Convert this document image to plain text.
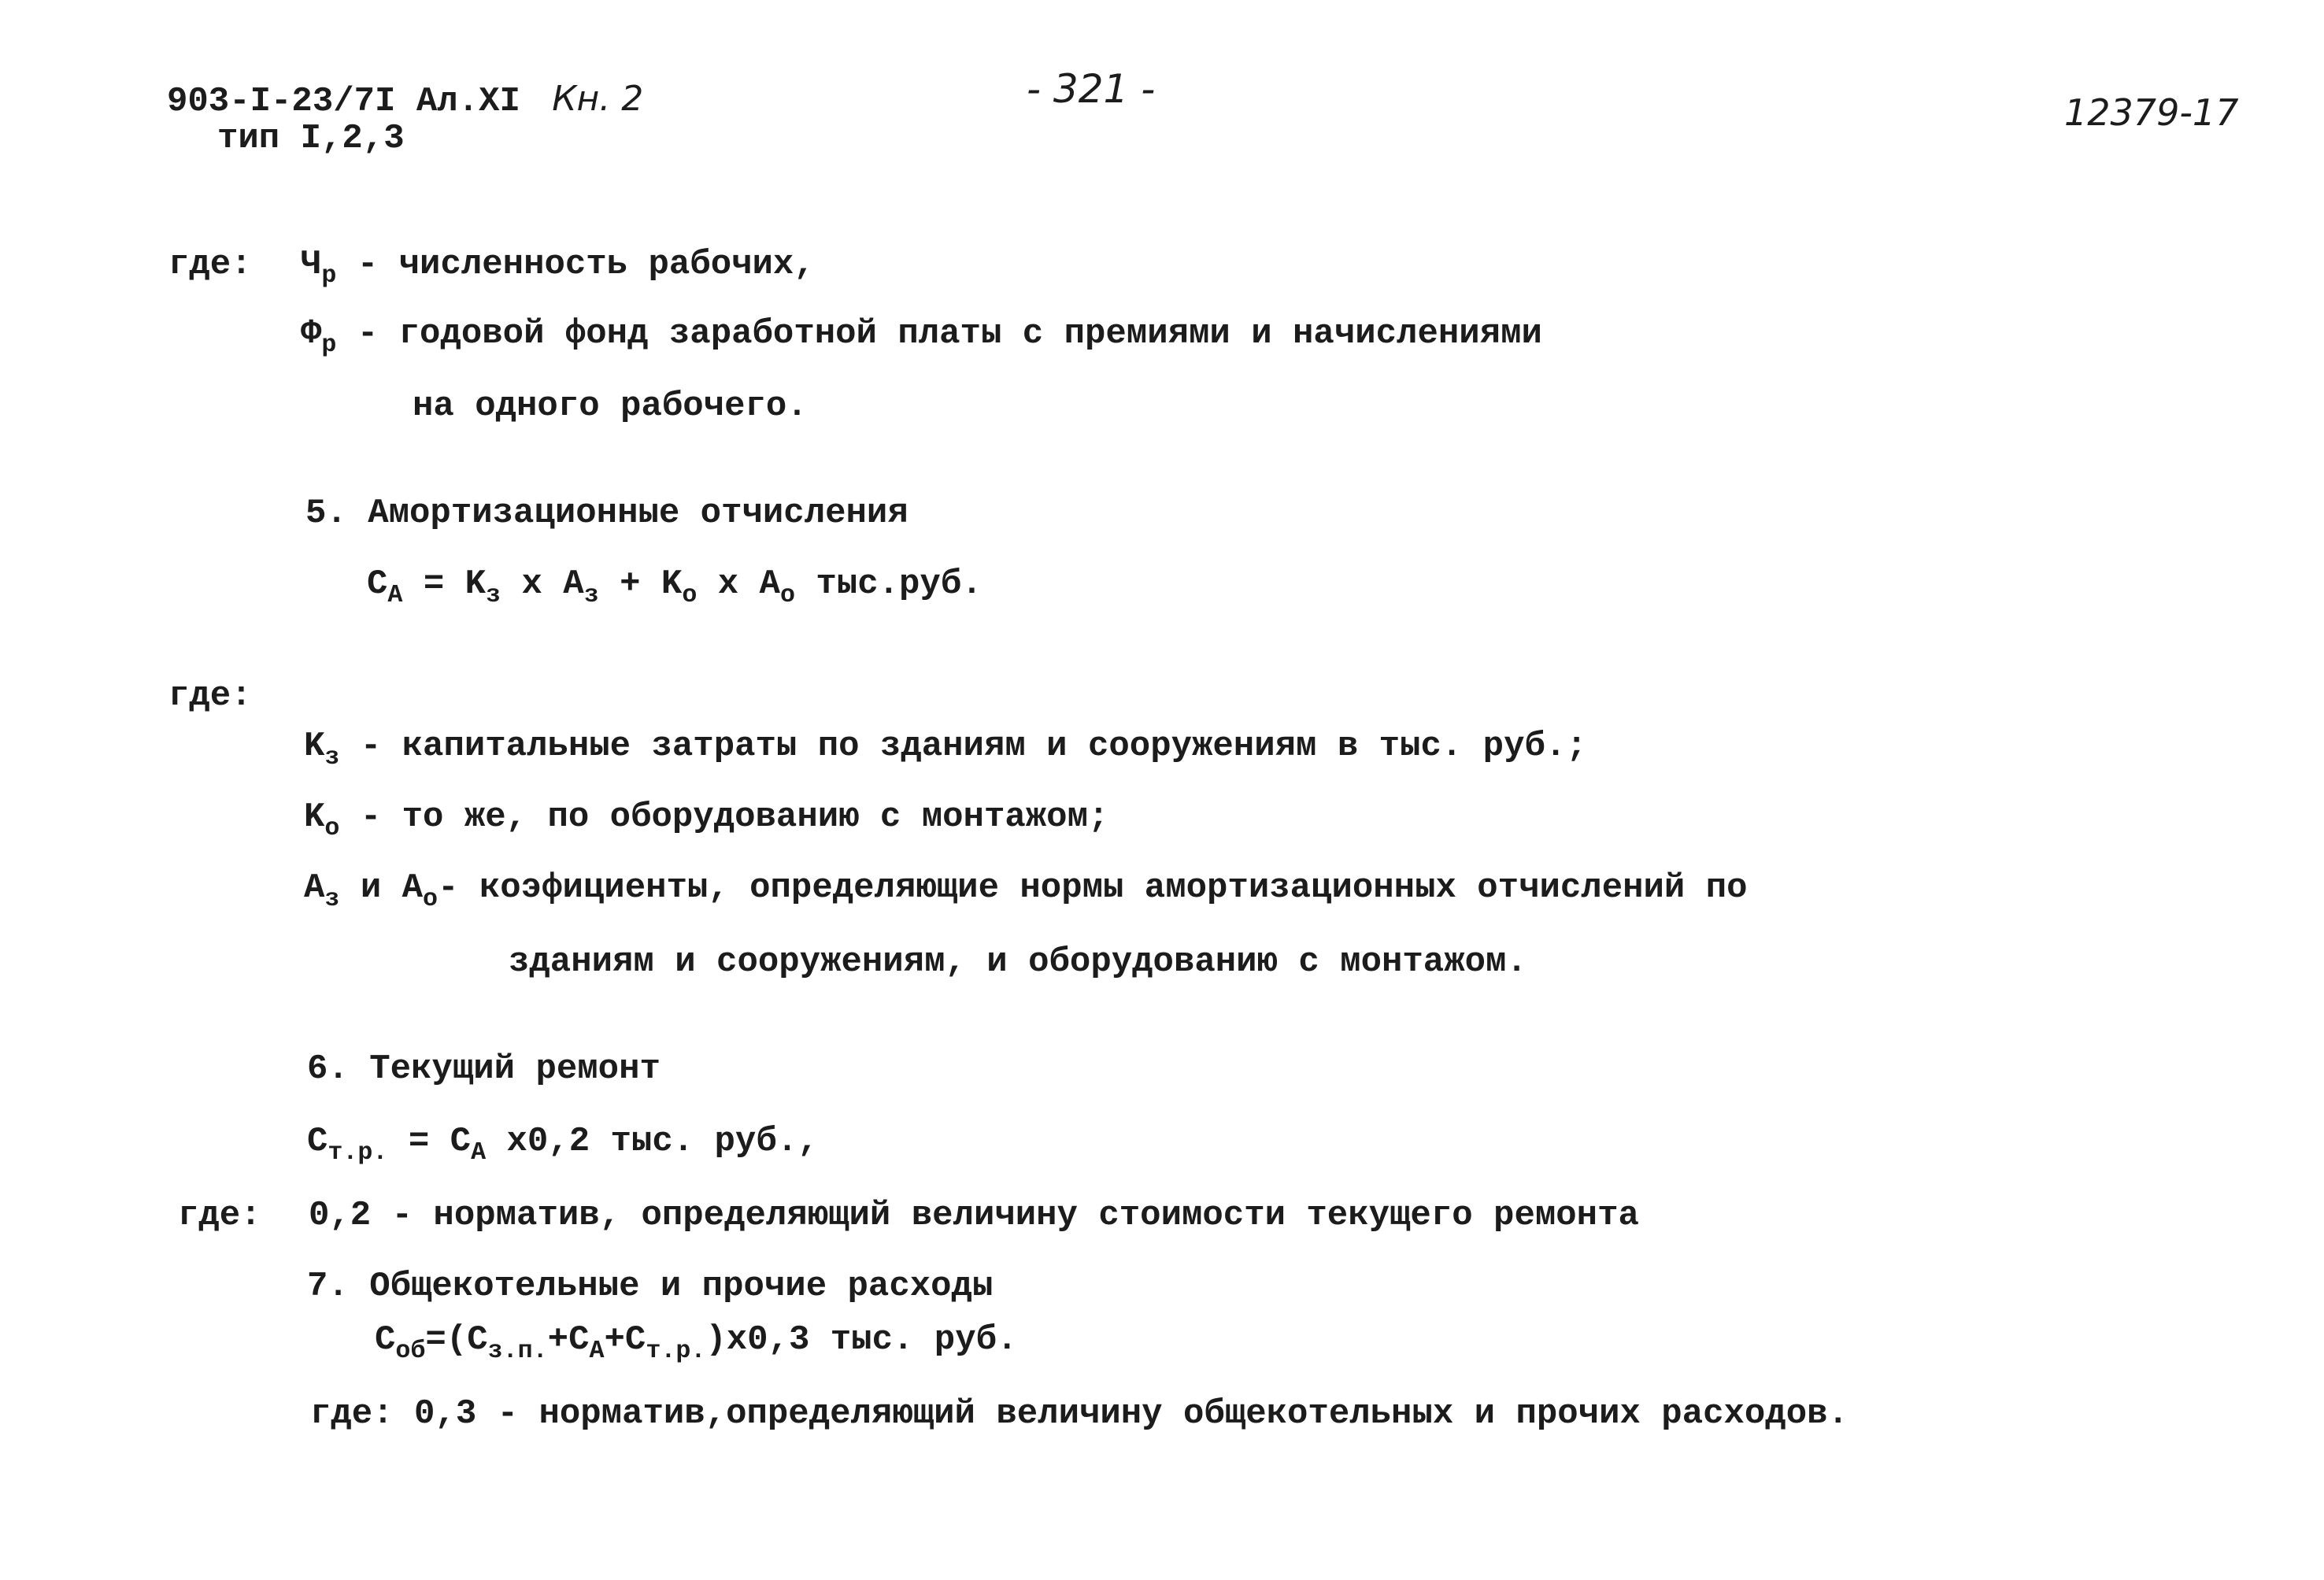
903-I-23/7I Ал.XI Кн. 2
тип I,2,3
- 321 -
12379-17
где: $Ч_р$ - численность рабочих,
$Ф_р$ - годовой фонд заработной платы с премиями и начислениями
на одного рабочего.
5. Амортизационные отчисления
$C_A = K_з$ x $A_з + K_о$ x $A_о$ тыс.руб.
где:
$K_з$ - капитальные затраты по зданиям и сооружениям в тыс. руб.;
$K_о$ - то же, по оборудованию с монтажом;
$A_з$ и $A_о-$ коэфициенты, определяющие нормы амортизационных отчислений по
зданиям и сооружениям, и оборудованию с монтажом.
6. Текущий ремонт
$C_{т.р.} = C_A$ x0,2 тыс. руб.,
где: 0,2 - норматив, определяющий величину стоимости текущего ремонта
7. Общекотельные и прочие расходы
$C_{об}=(C_{з.п.}+C_A+C_{т.р.})x0,3$ тыс. руб.
где: 0,3 - норматив,определяющий величину общекотельных и прочих расходов.
